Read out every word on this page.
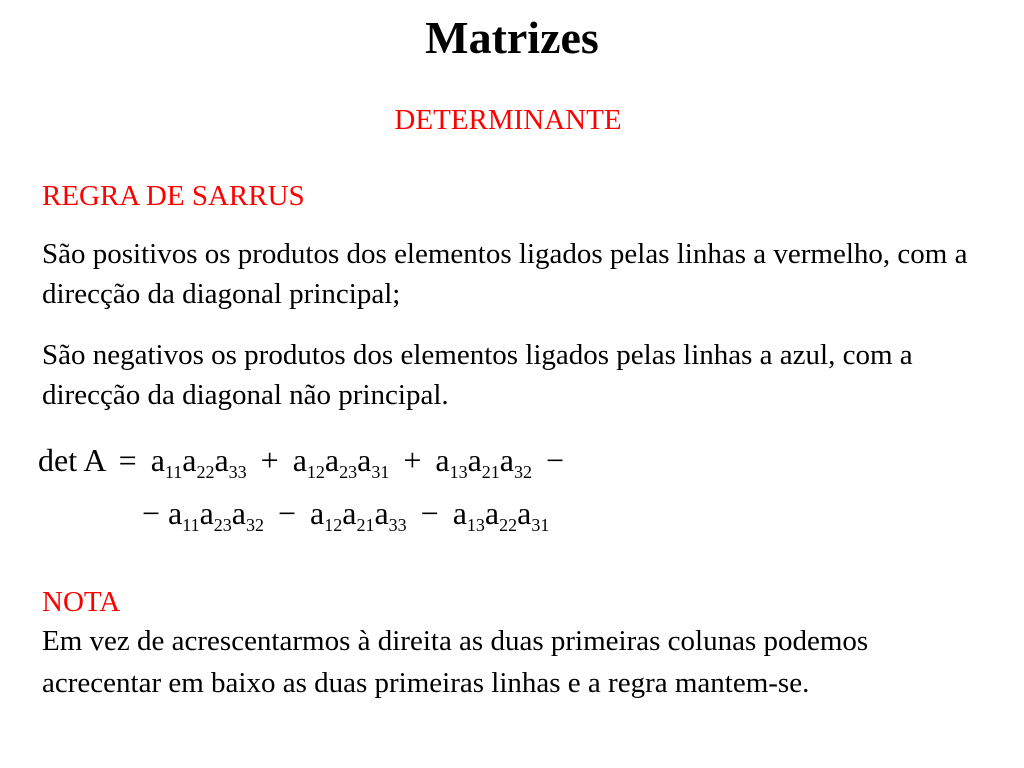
Matrizes
DETERMINANTE
REGRA DE SARRUS
São positivos os produtos dos elementos ligados pelas linhas a vermelho, com a direcção da diagonal principal;
São negativos os produtos dos elementos ligados pelas linhas a azul, com a direcção da diagonal não principal.
$\det A = a_{11}a_{22}a_{33} + a_{12}a_{23}a_{31} + a_{13}a_{21}a_{32}$ −
− $a_{11}a_{23}a_{32} - a_{12}a_{21}a_{33} - a_{13}a_{22}a_{31}$
NOTA
Em vez de acrescentarmos à direita as duas primeiras colunas podemos acrecentar em baixo as duas primeiras linhas e a regra mantem-se.
